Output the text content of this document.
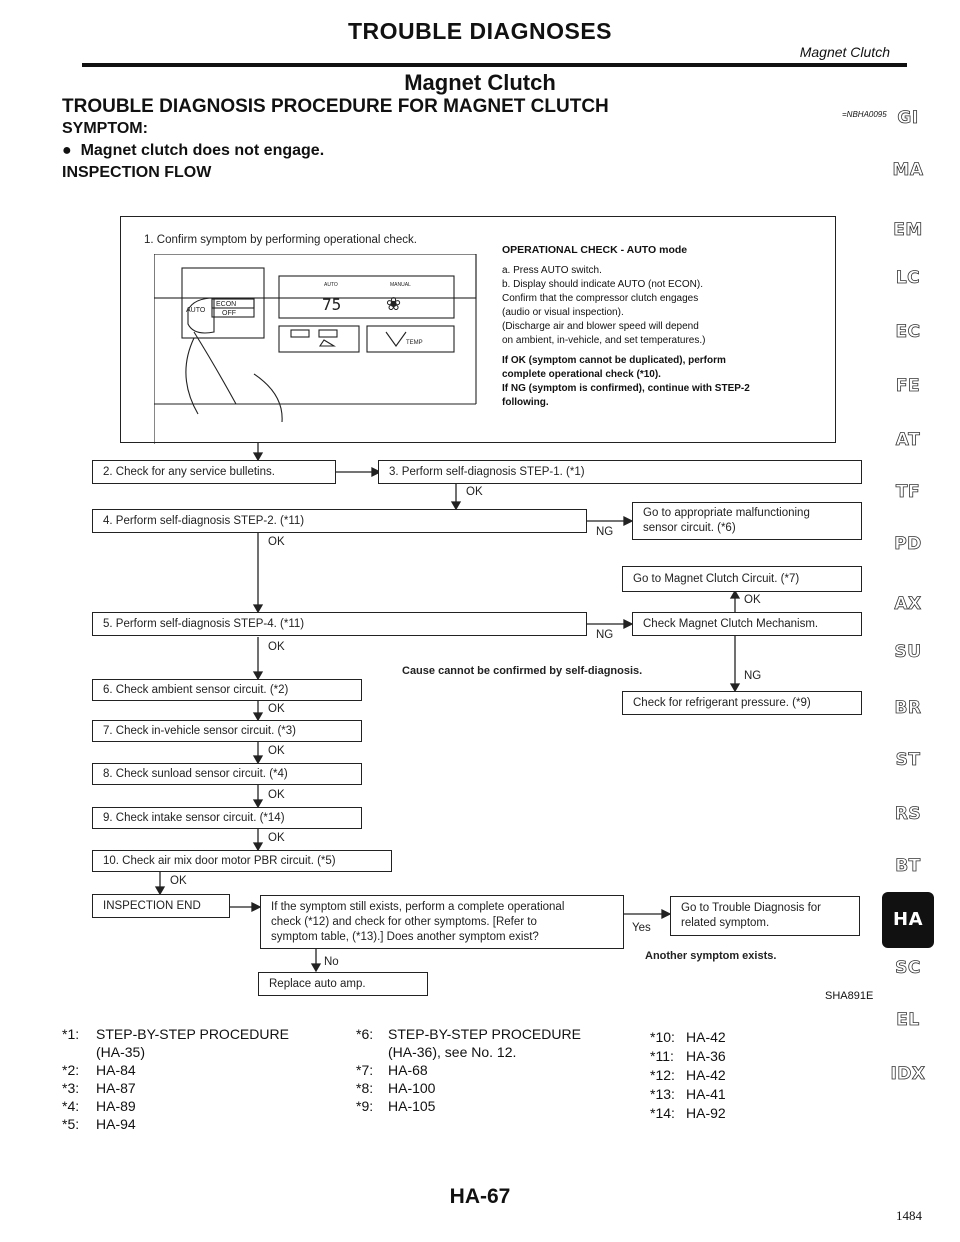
TROUBLE DIAGNOSES
Magnet Clutch
Magnet Clutch
TROUBLE DIAGNOSIS PROCEDURE FOR MAGNET CLUTCH	=NBHA0095
SYMPTOM:
●  Magnet clutch does not engage.
INSPECTION FLOW
GI
MA
EM
LC
EC
FE
AT
TF
PD
AX
SU
BR
ST
RS
BT
HA
SC
EL
IDX
1. Confirm symptom by performing operational check.
AUTO
ECON
OFF
AUTO	MANUAL
75
TEMP
❀
OPERATIONAL CHECK - AUTO mode
a. Press AUTO switch.
b. Display should indicate AUTO (not ECON).
Confirm that the compressor clutch engages
(audio or visual inspection).
(Discharge air and blower speed will depend
on ambient, in-vehicle, and set temperatures.)
If OK (symptom cannot be duplicated), perform
complete operational check (*10).
If NG (symptom is confirmed), continue with STEP-2
following.
2. Check for any service bulletins.	3. Perform self-diagnosis STEP-1. (*1)
OK
4. Perform self-diagnosis STEP-2. (*11)
NG
Go to appropriate malfunctioning
sensor circuit. (*6)
OK
Go to Magnet Clutch Circuit. (*7)
OK
5. Perform self-diagnosis STEP-4. (*11)
NG
Check Magnet Clutch Mechanism.
OK
Cause cannot be confirmed by self-diagnosis.	NG
6. Check ambient sensor circuit. (*2)
Check for refrigerant pressure. (*9)
OK
7. Check in-vehicle sensor circuit. (*3)
OK
8. Check sunload sensor circuit. (*4)
OK
9. Check intake sensor circuit. (*14)
OK
10. Check air mix door motor PBR circuit. (*5)
OK
INSPECTION END	If the symptom still exists, perform a complete operational
check (*12) and check for other symptoms. [Refer to
symptom table, (*13).] Does another symptom exist?
Yes
Go to Trouble Diagnosis for
related symptom.
Another symptom exists.
No
Replace auto amp.
SHA891E
*1: STEP-BY-STEP PROCEDURE
(HA-35)
*2: HA-84
*3: HA-87
*4: HA-89
*5: HA-94
*6: STEP-BY-STEP PROCEDURE
(HA-36), see No. 12.
*7: HA-68
*8: HA-100
*9: HA-105
*10: HA-42
*11: HA-36
*12: HA-42
*13: HA-41
*14: HA-92
HA-67
1484
